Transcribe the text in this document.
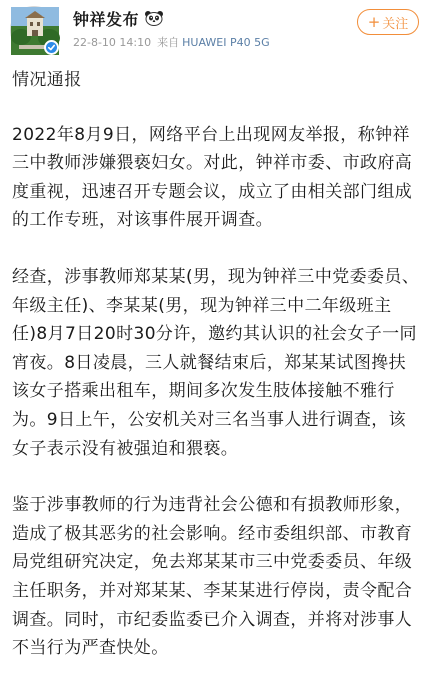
钟祥发布
22-8-10 14:10 来自 HUAWEI P40 5G
+ 关注

情况通报

2022年8月9日，网络平台上出现网友举报，称钟祥三中教师涉嫌猥亵妇女。对此，钟祥市委、市政府高度重视，迅速召开专题会议，成立了由相关部门组成的工作专班，对该事件展开调查。

经查，涉事教师郑某某(男，现为钟祥三中党委委员、年级主任)、李某某(男，现为钟祥三中二年级班主任)8月7日20时30分许，邀约其认识的社会女子一同宵夜。8日凌晨，三人就餐结束后，郑某某试图搀扶该女子搭乘出租车，期间多次发生肢体接触不雅行为。9日上午，公安机关对三名当事人进行调查，该女子表示没有被强迫和猥亵。

鉴于涉事教师的行为违背社会公德和有损教师形象，造成了极其恶劣的社会影响。经市委组织部、市教育局党组研究决定，免去郑某某市三中党委委员、年级主任职务，并对郑某某、李某某进行停岗，责令配合调查。同时，市纪委监委已介入调查，并将对涉事人不当行为严查快处。
